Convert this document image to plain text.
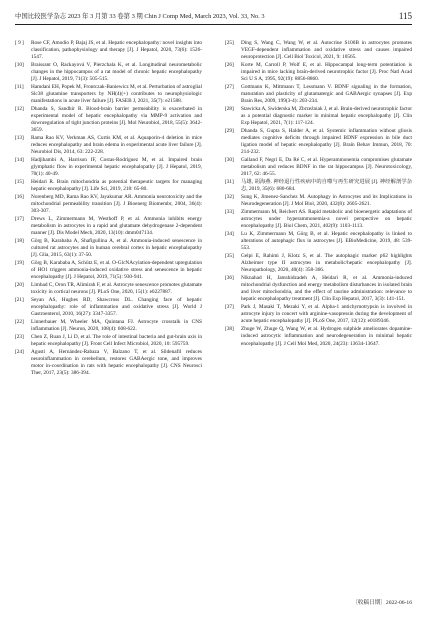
中国比较医学杂志 2023 年 3 月第 33 卷第 3 期 Chin J Comp Med, March 2023, Vol. 33, No. 3	115
[ 9 ] Rose CF, Amodio P, Bajaj JS, et al. Hepatic encephalopathy: novel insights into classification, pathophysiology and therapy [J]. J Hepatol, 2020, 73(6): 1526-1547.
[10] Braissant O, Rackayová V, Pierzchala K, et al. Longitudinal neurometabolic changes in the hippocampus of a rat model of chronic hepatic encephalopathy [J]. J Hepatol, 2019, 71(3): 505-515.
[11] Hamdani EH, Popek M, Frontczak-Baniewicz M, et al. Perturbation of astroglial Slc38 glutamine transporters by NH(4)(+) contributes to neurophysiologic manifestations in acute liver failure [J]. FASEB J, 2021, 35(7): e21588.
[12] Dhanda S, Sandhir R. Blood-brain barrier permeability is exacerbated in experimental model of hepatic encephalopathy via MMP-9 activation and downregulation of tight junction proteins [J]. Mol Neurobiol, 2018, 55(5): 3642-3659.
[13] Rama Rao KV, Verkman AS, Curtis KM, et al. Aquaporin-4 deletion in mice reduces encephalopathy and brain edema in experimental acute liver failure [J]. Neurobiol Dis, 2014, 63: 222-228.
[14] Hadjihambi A, Harrison IF, Costas-Rodríguez M, et al. Impaired brain glymphatic flow in experimental hepatic encephalopathy [J]. J Hepatol, 2019, 70(1): 40-49.
[15] Heidari R. Brain mitochondria as potential therapeutic targets for managing hepatic encephalopathy [J]. Life Sci, 2019, 218: 65-80.
[16] Norenberg MD, Rama Rao KV, Jayakumar AR. Ammonia neurotoxicity and the mitochondrial permeability transition [J]. J Bioenerg Biomembr, 2004, 36(4): 303-307.
[17] Drews L, Zimmermann M, Westhoff P, et al. Ammonia inhibits energy metabolism in astrocytes in a rapid and glutamate dehydrogenase 2-dependent manner [J]. Dis Model Mech, 2020, 13(10): dmm047134.
[18] Görg B, Karababa A, Shafigullina A, et al. Ammonia-induced senescence in cultured rat astrocytes and in human cerebral cortex in hepatic encephalopathy [J]. Glia, 2015, 63(1): 37-50.
[19] Görg B, Karababa A, Schütz E, et al. O-GlcNAcylation-dependent upregulation of HO1 triggers ammonia-induced oxidative stress and senescence in hepatic encephalopathy [J]. J Hepatol, 2019, 71(5): 930-941.
[20] Limbad C, Oron TR, Alimirah F, et al. Astrocyte senescence promotes glutamate toxicity in cortical neurons [J]. PLoS One, 2020, 15(1): e0227887.
[21] Seyan AS, Hughes RD, Shawcross DL. Changing face of hepatic encephalopathy: role of inflammation and oxidative stress [J]. World J Gastroenterol, 2010, 16(27): 3347-3357.
[22] Linnerbauer M, Wheeler MA, Quintana FJ. Astrocyte crosstalk in CNS inflammation [J]. Neuron, 2020, 108(4): 608-622.
[23] Chen Z, Ruan J, Li D, et al. The role of intestinal bacteria and gut-brain axis in hepatic encephalopathy [J]. Front Cell Infect Microbiol, 2020, 10: 595759.
[24] Agustí A, Hernández-Rabaza V, Balzano T, et al. Sildenafil reduces neuroinflammation in cerebellum, restores GABAergic tone, and improves motor in-coordination in rats with hepatic encephalopathy [J]. CNS Neurosci Ther, 2017, 23(5): 386-394.
[25] Ding S, Wang C, Wang W, et al. Autocrine S100B in astrocytes promotes VEGF-dependent inflammation and oxidative stress and causes impaired neuroprotection [J]. Cell Biol Toxicol, 2021, 9: 10565.
[26] Korte M, Carroll P, Wolf E, et al. Hippocampal long-term potentiation is impaired in mice lacking brain-derived neurotrophic factor [J]. Proc Natl Acad Sci U S A, 1995, 92(19): 8856-8860.
[27] Gottmann K, Mittmann T, Lessmann V. BDNF signaling in the formation, maturation and plasticity of glutamatergic and GABAergic synapses [J]. Exp Brain Res, 2009, 199(3-4): 203-234.
[28] Stawicka A, Swiderska M, Zbrzeźniak J, et al. Brain-derived neurotrophic factor as a potential diagnostic marker in minimal hepatic encephalopathy [J]. Clin Exp Hepatol, 2021, 7(1): 117-124.
[29] Dhanda S, Gupta S, Halder A, et al. Systemic inflammation without gliosis mediates cognitive deficits through impaired BDNF expression in bile duct ligation model of hepatic encephalopathy [J]. Brain Behav Immun, 2018, 70: 214-232.
[30] Galland F, Negri E, Da Ré C, et al. Hyperammonemia compromises glutamate metabolism and reduces BDNF in the rat hippocampus [J]. Neurotoxicology, 2017, 62: 46-55.
[31] 马雄, 胡海燕. 神经退行性疾病中的自噬与再生研究进展 [J]. 神经解剖学杂志, 2019, 35(6): 680-684.
[32] Sung K, Jimenez-Sanchez M. Autophagy in Astrocytes and its Implications in Neurodegeneration [J]. J Mol Biol, 2020, 432(8): 2605-2621.
[33] Zimmermann M, Reichert AS. Rapid metabolic and bioenergetic adaptations of astrocytes under hyperammonemia-a novel perspective on hepatic encephalopathy [J]. Biol Chem, 2021, 402(9): 1103-1113.
[34] Lu K, Zimmermann M, Görg B, et al. Hepatic encephalopathy is linked to alterations of autophagic flux in astrocytes [J]. EBioMedicine, 2019, 48: 539-553.
[35] Gelpi E, Rahimi J, Klotz S, et al. The autophagic marker p62 highlights Alzheimer type II astrocytes in metabolic/hepatic encephalopathy [J]. Neuropathology, 2020, 40(4): 358-366.
[36] Niknahad H, Jamshidzadeh A, Heidari R, et al. Ammonia-induced mitochondrial dysfunction and energy metabolism disturbances in isolated brain and liver mitochondria, and the effect of taurine administration: relevance to hepatic encephalopathy treatment [J]. Clin Exp Hepatol, 2017, 3(3): 141-151.
[37] Park J, Masaki T, Mezaki Y, et al. Alpha-1 antichymotrypsin is involved in astrocyte injury in concert with arginine-vasopressin during the development of acute hepatic encephalopathy [J]. PLoS One, 2017, 12(12): e0189346.
[38] Zhuge W, Zhuge Q, Wang W, et al. Hydrogen sulphide ameliorates dopamine-induced astrocytic inflammation and neurodegeneration in minimal hepatic encephalopathy [J]. J Cell Mol Med, 2020, 24(23): 13634-13647.
〔收稿日期〕2022-06-16
